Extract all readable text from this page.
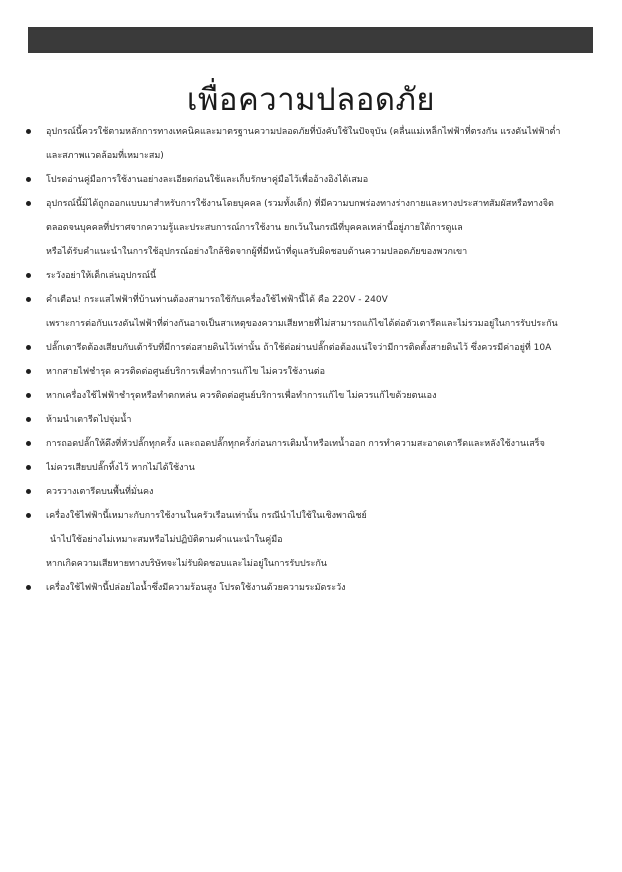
เพื่อความปลอดภัย
อุปกรณ์นี้ควรใช้ตามหลักการทางเทคนิคและมาตรฐานความปลอดภัยที่บังคับใช้ในปัจจุบัน (คลื่นแม่เหล็กไฟฟ้าที่ตรงกัน แรงดันไฟฟ้าต่ำ
และสภาพแวดล้อมที่เหมาะสม)
โปรดอ่านคู่มือการใช้งานอย่างละเอียดก่อนใช้และเก็บรักษาคู่มือไว้เพื่ออ้างอิงได้เสมอ
อุปกรณ์นี้มิได้ถูกออกแบบมาสำหรับการใช้งานโดยบุคคล (รวมทั้งเด็ก) ที่มีความบกพร่องทางร่างกายและทางประสาทสัมผัสหรือทางจิต
ตลอดจนบุคคลที่ปราศจากความรู้และประสบการณ์การใช้งาน ยกเว้นในกรณีที่บุคคลเหล่านี้อยู่ภายใต้การดูแล
หรือได้รับคำแนะนำในการใช้อุปกรณ์อย่างใกล้ชิดจากผู้ที่มีหน้าที่ดูแลรับผิดชอบด้านความปลอดภัยของพวกเขา
ระวังอย่าให้เด็กเล่นอุปกรณ์นี้
คำเตือน! กระแสไฟฟ้าที่บ้านท่านต้องสามารถใช้กับเครื่องใช้ไฟฟ้านี้ได้ คือ 220V - 240V
เพราะการต่อกับแรงดันไฟฟ้าที่ต่างกันอาจเป็นสาเหตุของความเสียหายที่ไม่สามารถแก้ไขได้ต่อตัวเตารีดและไม่รวมอยู่ในการรับประกัน
ปลั๊กเตารีดต้องเสียบกับเต้ารับที่มีการต่อสายดินไว้เท่านั้น ถ้าใช้ต่อผ่านปลั๊กต่อต้องแน่ใจว่ามีการติดตั้งสายดินไว้ ซึ่งควรมีค่าอยู่ที่ 10A
หากสายไฟชำรุด ควรติดต่อศูนย์บริการเพื่อทำการแก้ไข ไม่ควรใช้งานต่อ
หากเครื่องใช้ไฟฟ้าชำรุดหรือทำตกหล่น ควรติดต่อศูนย์บริการเพื่อทำการแก้ไข ไม่ควรแก้ไขด้วยตนเอง
ห้ามนำเตารีดไปจุ่มน้ำ
การถอดปลั๊กให้ดึงที่หัวปลั๊กทุกครั้ง และถอดปลั๊กทุกครั้งก่อนการเติมน้ำหรือเทน้ำออก การทำความสะอาดเตารีดและหลังใช้งานเสร็จ
ไม่ควรเสียบปลั๊กทิ้งไว้ หากไม่ได้ใช้งาน
ควรวางเตารีดบนพื้นที่มั่นคง
เครื่องใช้ไฟฟ้านี้เหมาะกับการใช้งานในครัวเรือนเท่านั้น กรณีนำไปใช้ในเชิงพาณิชย์
นำไปใช้อย่างไม่เหมาะสมหรือไม่ปฏิบัติตามคำแนะนำในคู่มือ
หากเกิดความเสียหายทางบริษัทจะไม่รับผิดชอบและไม่อยู่ในการรับประกัน
เครื่องใช้ไฟฟ้านี้ปล่อยไอน้ำซึ่งมีความร้อนสูง โปรดใช้งานด้วยความระมัดระวัง
